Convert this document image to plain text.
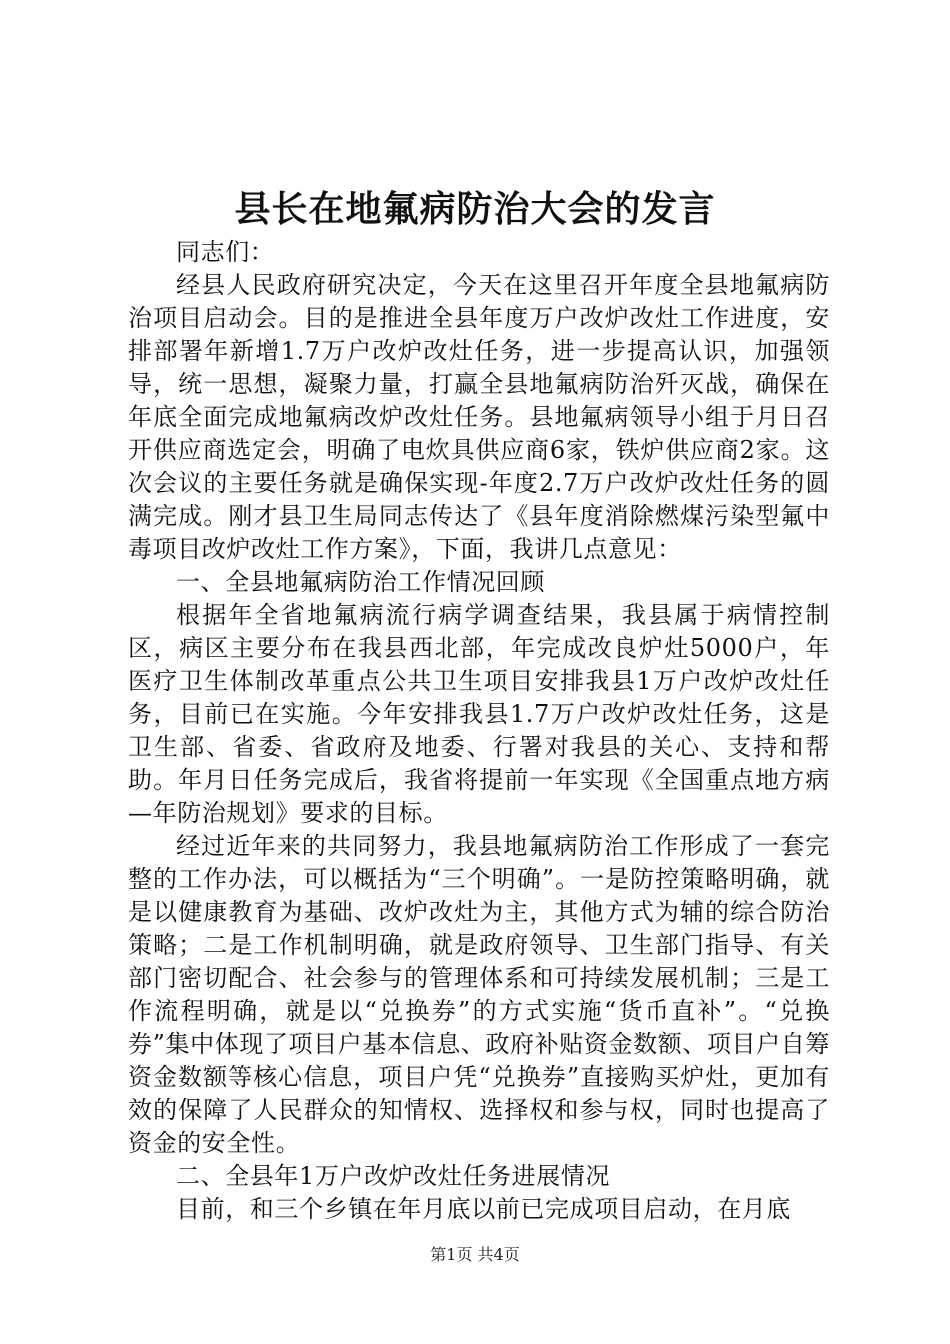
县长在地氟病防治大会的发言

同志们：

经县人民政府研究决定，今天在这里召开年度全县地氟病防治项目启动会。目的是推进全县年度万户改炉改灶工作进度，安排部署年新增1.7万户改炉改灶任务，进一步提高认识，加强领导，统一思想，凝聚力量，打赢全县地氟病防治歼灭战，确保在年底全面完成地氟病改炉改灶任务。县地氟病领导小组于月日召开供应商选定会，明确了电炊具供应商6家，铁炉供应商2家。这次会议的主要任务就是确保实现-年度2.7万户改炉改灶任务的圆满完成。刚才县卫生局同志传达了《县年度消除燃煤污染型氟中毒项目改炉改灶工作方案》，下面，我讲几点意见：

一、全县地氟病防治工作情况回顾

根据年全省地氟病流行病学调查结果，我县属于病情控制区，病区主要分布在我县西北部，年完成改良炉灶5000户，年医疗卫生体制改革重点公共卫生项目安排我县1万户改炉改灶任务，目前已在实施。今年安排我县1.7万户改炉改灶任务，这是卫生部、省委、省政府及地委、行署对我县的关心、支持和帮助。年月日任务完成后，我省将提前一年实现《全国重点地方病—年防治规划》要求的目标。

经过近年来的共同努力，我县地氟病防治工作形成了一套完整的工作办法，可以概括为“三个明确”。一是防控策略明确，就是以健康教育为基础、改炉改灶为主，其他方式为辅的综合防治策略；二是工作机制明确，就是政府领导、卫生部门指导、有关部门密切配合、社会参与的管理体系和可持续发展机制；三是工作流程明确，就是以“兑换券”的方式实施“货币直补”。“兑换券”集中体现了项目户基本信息、政府补贴资金数额、项目户自筹资金数额等核心信息，项目户凭“兑换券”直接购买炉灶，更加有效的保障了人民群众的知情权、选择权和参与权，同时也提高了资金的安全性。

二、全县年1万户改炉改灶任务进展情况

目前，和三个乡镇在年月底以前已完成项目启动，在月底

第1页 共4页
